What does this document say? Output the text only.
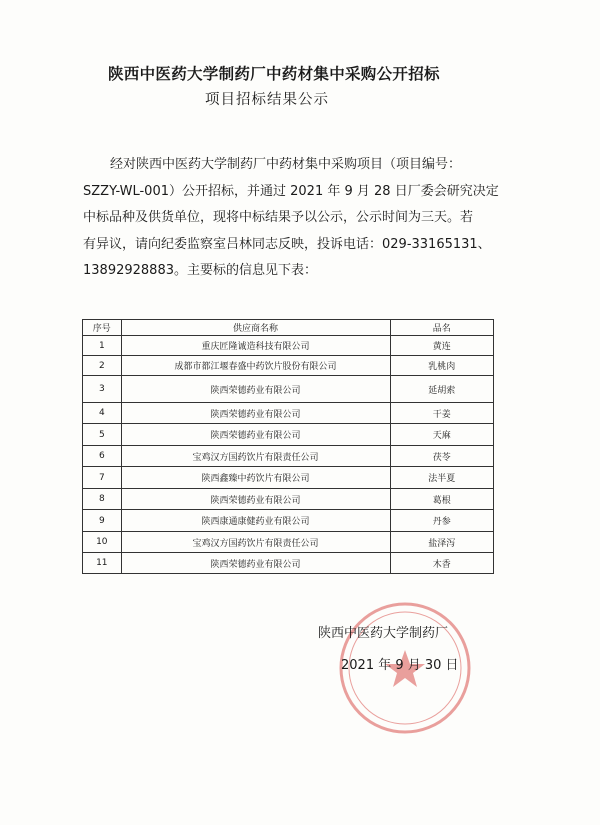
陕西中医药大学制药厂中药材集中采购公开招标
项目招标结果公示
经对陕西中医药大学制药厂中药材集中采购项目（项目编号：
SZZY-WL-001）公开招标，并通过 2021 年 9 月 28 日厂委会研究决定
中标品种及供货单位，现将中标结果予以公示，公示时间为三天。若
有异议，请向纪委监察室吕林同志反映，投诉电话：029-33165131、
13892928883。主要标的信息见下表：
序号	供应商名称	品名
1	重庆匠隆诚造科技有限公司	黄连
2	成都市都江堰春盛中药饮片股份有限公司	乳桃肉
3	陕西荣德药业有限公司	延胡索
4	陕西荣德药业有限公司	干姜
5	陕西荣德药业有限公司	天麻
6	宝鸡汉方国药饮片有限责任公司	茯苓
7	陕西鑫臻中药饮片有限公司	法半夏
8	陕西荣德药业有限公司	葛根
9	陕西康通康健药业有限公司	丹参
10	宝鸡汉方国药饮片有限责任公司	盐泽泻
11	陕西荣德药业有限公司	木香
陕西中医药大学制药厂
2021 年 9 月 30 日
